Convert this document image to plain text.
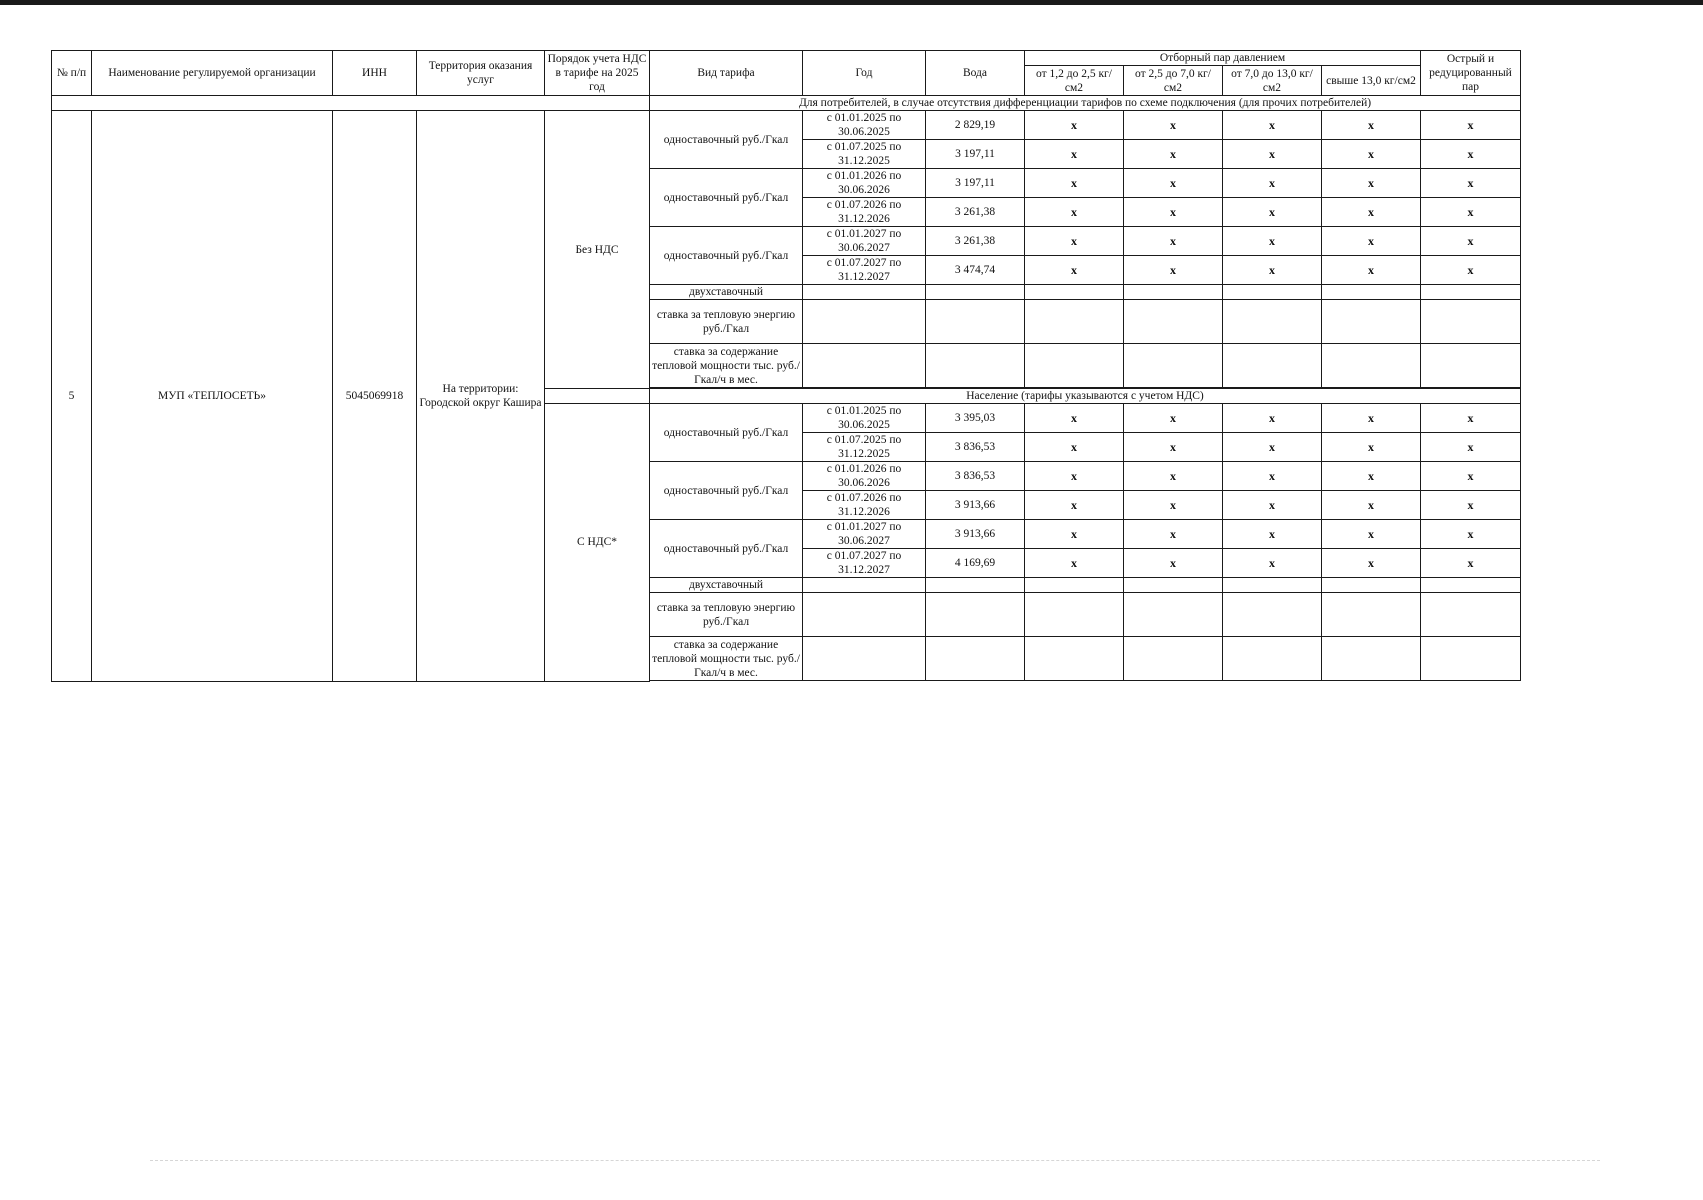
№ п/п	Наименование регулируемой организации	ИНН	Территория оказания услуг	Порядок учета НДС в тарифе на 2025 год	Вид тарифа	Год	Вода	Отборный пар давлением				Острый и редуцированный пар
								от 1,2 до 2,5 кг/см2	от 2,5 до 7,0 кг/см2	от 7,0 до 13,0 кг/см2	свыше 13,0 кг/см2	

					Для потребителей, в случае отсутствия дифференциации тарифов по схеме подключения (для прочих потребителей)							
5	МУП «ТЕПЛОСЕТЬ»	5045069918	На территории: Городской округ Кашира	Без НДС	одноставочный руб./Гкал	с 01.01.2025 по 30.06.2025	2 829,19	х	х	х	х	х
						с 01.07.2025 по 31.12.2025	3 197,11	х	х	х	х	х
					одноставочный руб./Гкал	с 01.01.2026 по 30.06.2026	3 197,11	х	х	х	х	х
						с 01.07.2026 по 31.12.2026	3 261,38	х	х	х	х	х
					одноставочный руб./Гкал	с 01.01.2027 по 30.06.2027	3 261,38	х	х	х	х	х
						с 01.07.2027 по 31.12.2027	3 474,74	х	х	х	х	х
					двухставочный							
					ставка за тепловую энергию руб./Гкал							
					ставка за содержание тепловой мощности тыс. руб./Гкал/ч в мес.							

					Население (тарифы указываются с учетом НДС)							
				С НДС*	одноставочный руб./Гкал	с 01.01.2025 по 30.06.2025	3 395,03	х	х	х	х	х
						с 01.07.2025 по 31.12.2025	3 836,53	х	х	х	х	х
					одноставочный руб./Гкал	с 01.01.2026 по 30.06.2026	3 836,53	х	х	х	х	х
						с 01.07.2026 по 31.12.2026	3 913,66	х	х	х	х	х
					одноставочный руб./Гкал	с 01.01.2027 по 30.06.2027	3 913,66	х	х	х	х	х
						с 01.07.2027 по 31.12.2027	4 169,69	х	х	х	х	х
					двухставочный							
					ставка за тепловую энергию руб./Гкал							
					ставка за содержание тепловой мощности тыс. руб./Гкал/ч в мес.							
